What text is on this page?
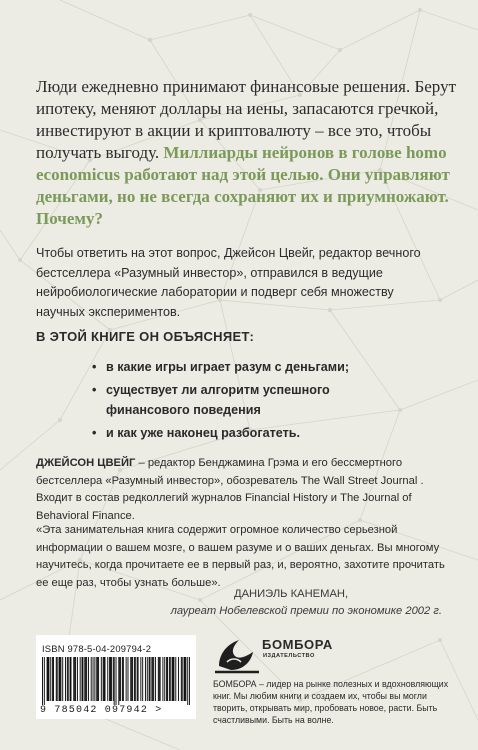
Люди ежедневно принимают финансовые решения. Берут ипотеку, меняют доллары на иены, запасаются гречкой, инвестируют в акции и криптовалюту – все это, чтобы получать выгоду. Миллиарды нейронов в голове homo economicus работают над этой целью. Они управляют деньгами, но не всегда сохраняют их и приумножают. Почему?

Чтобы ответить на этот вопрос, Джейсон Цвейг, редактор вечного бестселлера «Разумный инвестор», отправился в ведущие нейробиологические лаборатории и подверг себя множеству научных экспериментов.

В ЭТОЙ КНИГЕ ОН ОБЪЯСНЯЕТ:
• в какие игры играет разум с деньгами;
• существует ли алгоритм успешного финансового поведения
• и как уже наконец разбогатеть.

ДЖЕЙСОН ЦВЕЙГ – редактор Бенджамина Грэма и его бессмертного бестселлера «Разумный инвестор», обозреватель The Wall Street Journal . Входит в состав редколлегий журналов Financial History и The Journal of Behavioral Finance.

«Эта занимательная книга содержит огромное количество серьезной информации о вашем мозге, о вашем разуме и о ваших деньгах. Вы многому научитесь, когда прочитаете ее в первый раз, и, вероятно, захотите прочитать ее еще раз, чтобы узнать больше».

ДАНИЭЛЬ КАНЕМАН,
лауреат Нобелевской премии по экономике 2002 г.
ISBN 978-5-04-209794-2
9 785042 097942 >
БОМБОРА
ИЗДАТЕЛЬСТВО

БОМБОРА – лидер на рынке полезных и вдохновляющих книг. Мы любим книги и создаем их, чтобы вы могли творить, открывать мир, пробовать новое, расти. Быть счастливыми. Быть на волне.
